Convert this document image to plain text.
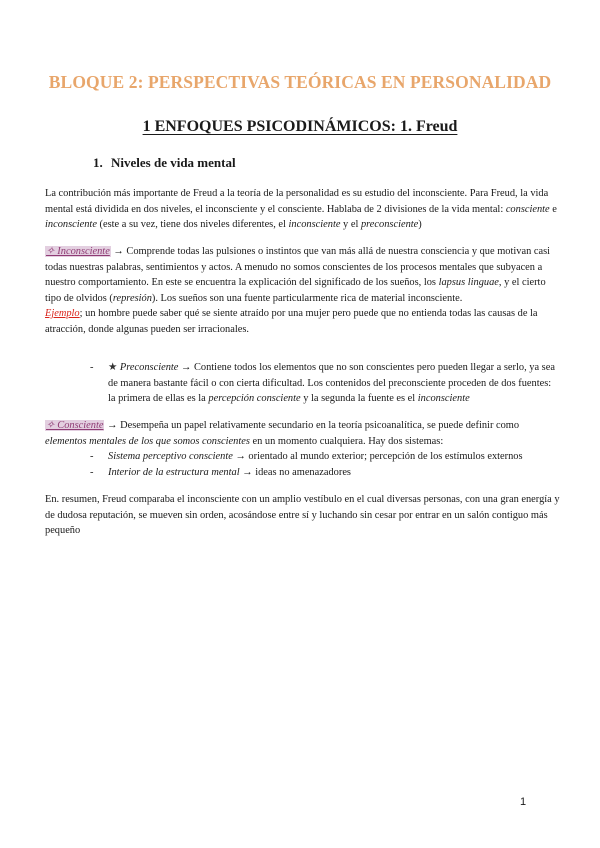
BLOQUE 2: PERSPECTIVAS TEÓRICAS EN PERSONALIDAD
1 ENFOQUES PSICODINÁMICOS: 1. Freud
1. Niveles de vida mental

La contribución más importante de Freud a la teoría de la personalidad es su estudio del inconsciente. Para Freud, la vida mental está dividida en dos niveles, el inconsciente y el consciente. Hablaba de 2 divisiones de la vida mental: consciente e inconsciente (este a su vez, tiene dos niveles diferentes, el inconsciente y el preconsciente)

✧ Inconsciente → Comprende todas las pulsiones o instintos que van más allá de nuestra consciencia y que motivan casi todas nuestras palabras, sentimientos y actos. A menudo no somos conscientes de los procesos mentales que subyacen a nuestro comportamiento. En este se encuentra la explicación del significado de los sueños, los lapsus linguae, y el cierto tipo de olvidos (represión). Los sueños son una fuente particularmente rica de material inconsciente.
Ejemplo; un hombre puede saber qué se siente atraído por una mujer pero puede que no entienda todas las causas de la atracción, donde algunas pueden ser irracionales.

- ★ Preconsciente → Contiene todos los elementos que no son conscientes pero pueden llegar a serlo, ya sea de manera bastante fácil o con cierta dificultad. Los contenidos del preconsciente proceden de dos fuentes: la primera de ellas es la percepción consciente y la segunda la fuente es el inconsciente

✧ Consciente → Desempeña un papel relativamente secundario en la teoría psicoanalítica, se puede definir como elementos mentales de los que somos conscientes en un momento cualquiera. Hay dos sistemas:

- Sistema perceptivo consciente → orientado al mundo exterior; percepción de los estímulos externos
- Interior de la estructura mental → ideas no amenazadores

En. resumen, Freud comparaba el inconsciente con un amplio vestíbulo en el cual diversas personas, con una gran energía y de dudosa reputación, se mueven sin orden, acosándose entre sí y luchando sin cesar por entrar en un salón contiguo más pequeño

1
